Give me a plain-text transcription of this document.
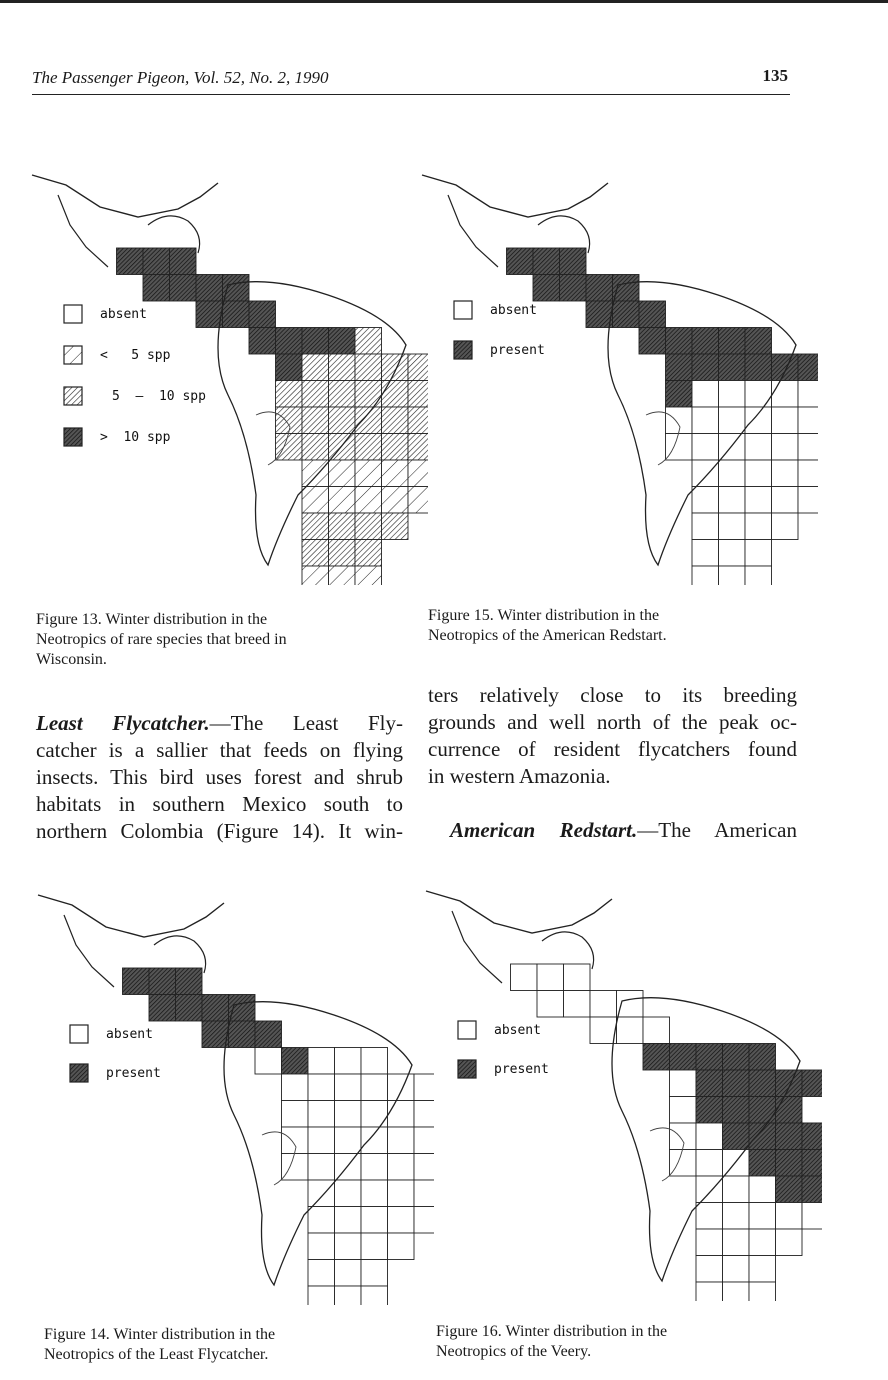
The Passenger Pigeon, Vol. 52, No. 2, 1990	135
absent
<   5 spp
5  –  10 spp
>  10 spp
absent
present
Figure 13. Winter distribution in the
Neotropics of rare species that breed in
Wisconsin.
Figure 15. Winter distribution in the
Neotropics of the American Redstart.
Least Flycatcher.—The Least Fly-
catcher is a sallier that feeds on flying
insects. This bird uses forest and shrub
habitats in southern Mexico south to
northern Colombia (Figure 14). It win-
ters relatively close to its breeding
grounds and well north of the peak oc-
currence of resident flycatchers found
in western Amazonia.
American Redstart.—The American
absent
present
absent
present
Figure 14. Winter distribution in the
Neotropics of the Least Flycatcher.
Figure 16. Winter distribution in the
Neotropics of the Veery.
